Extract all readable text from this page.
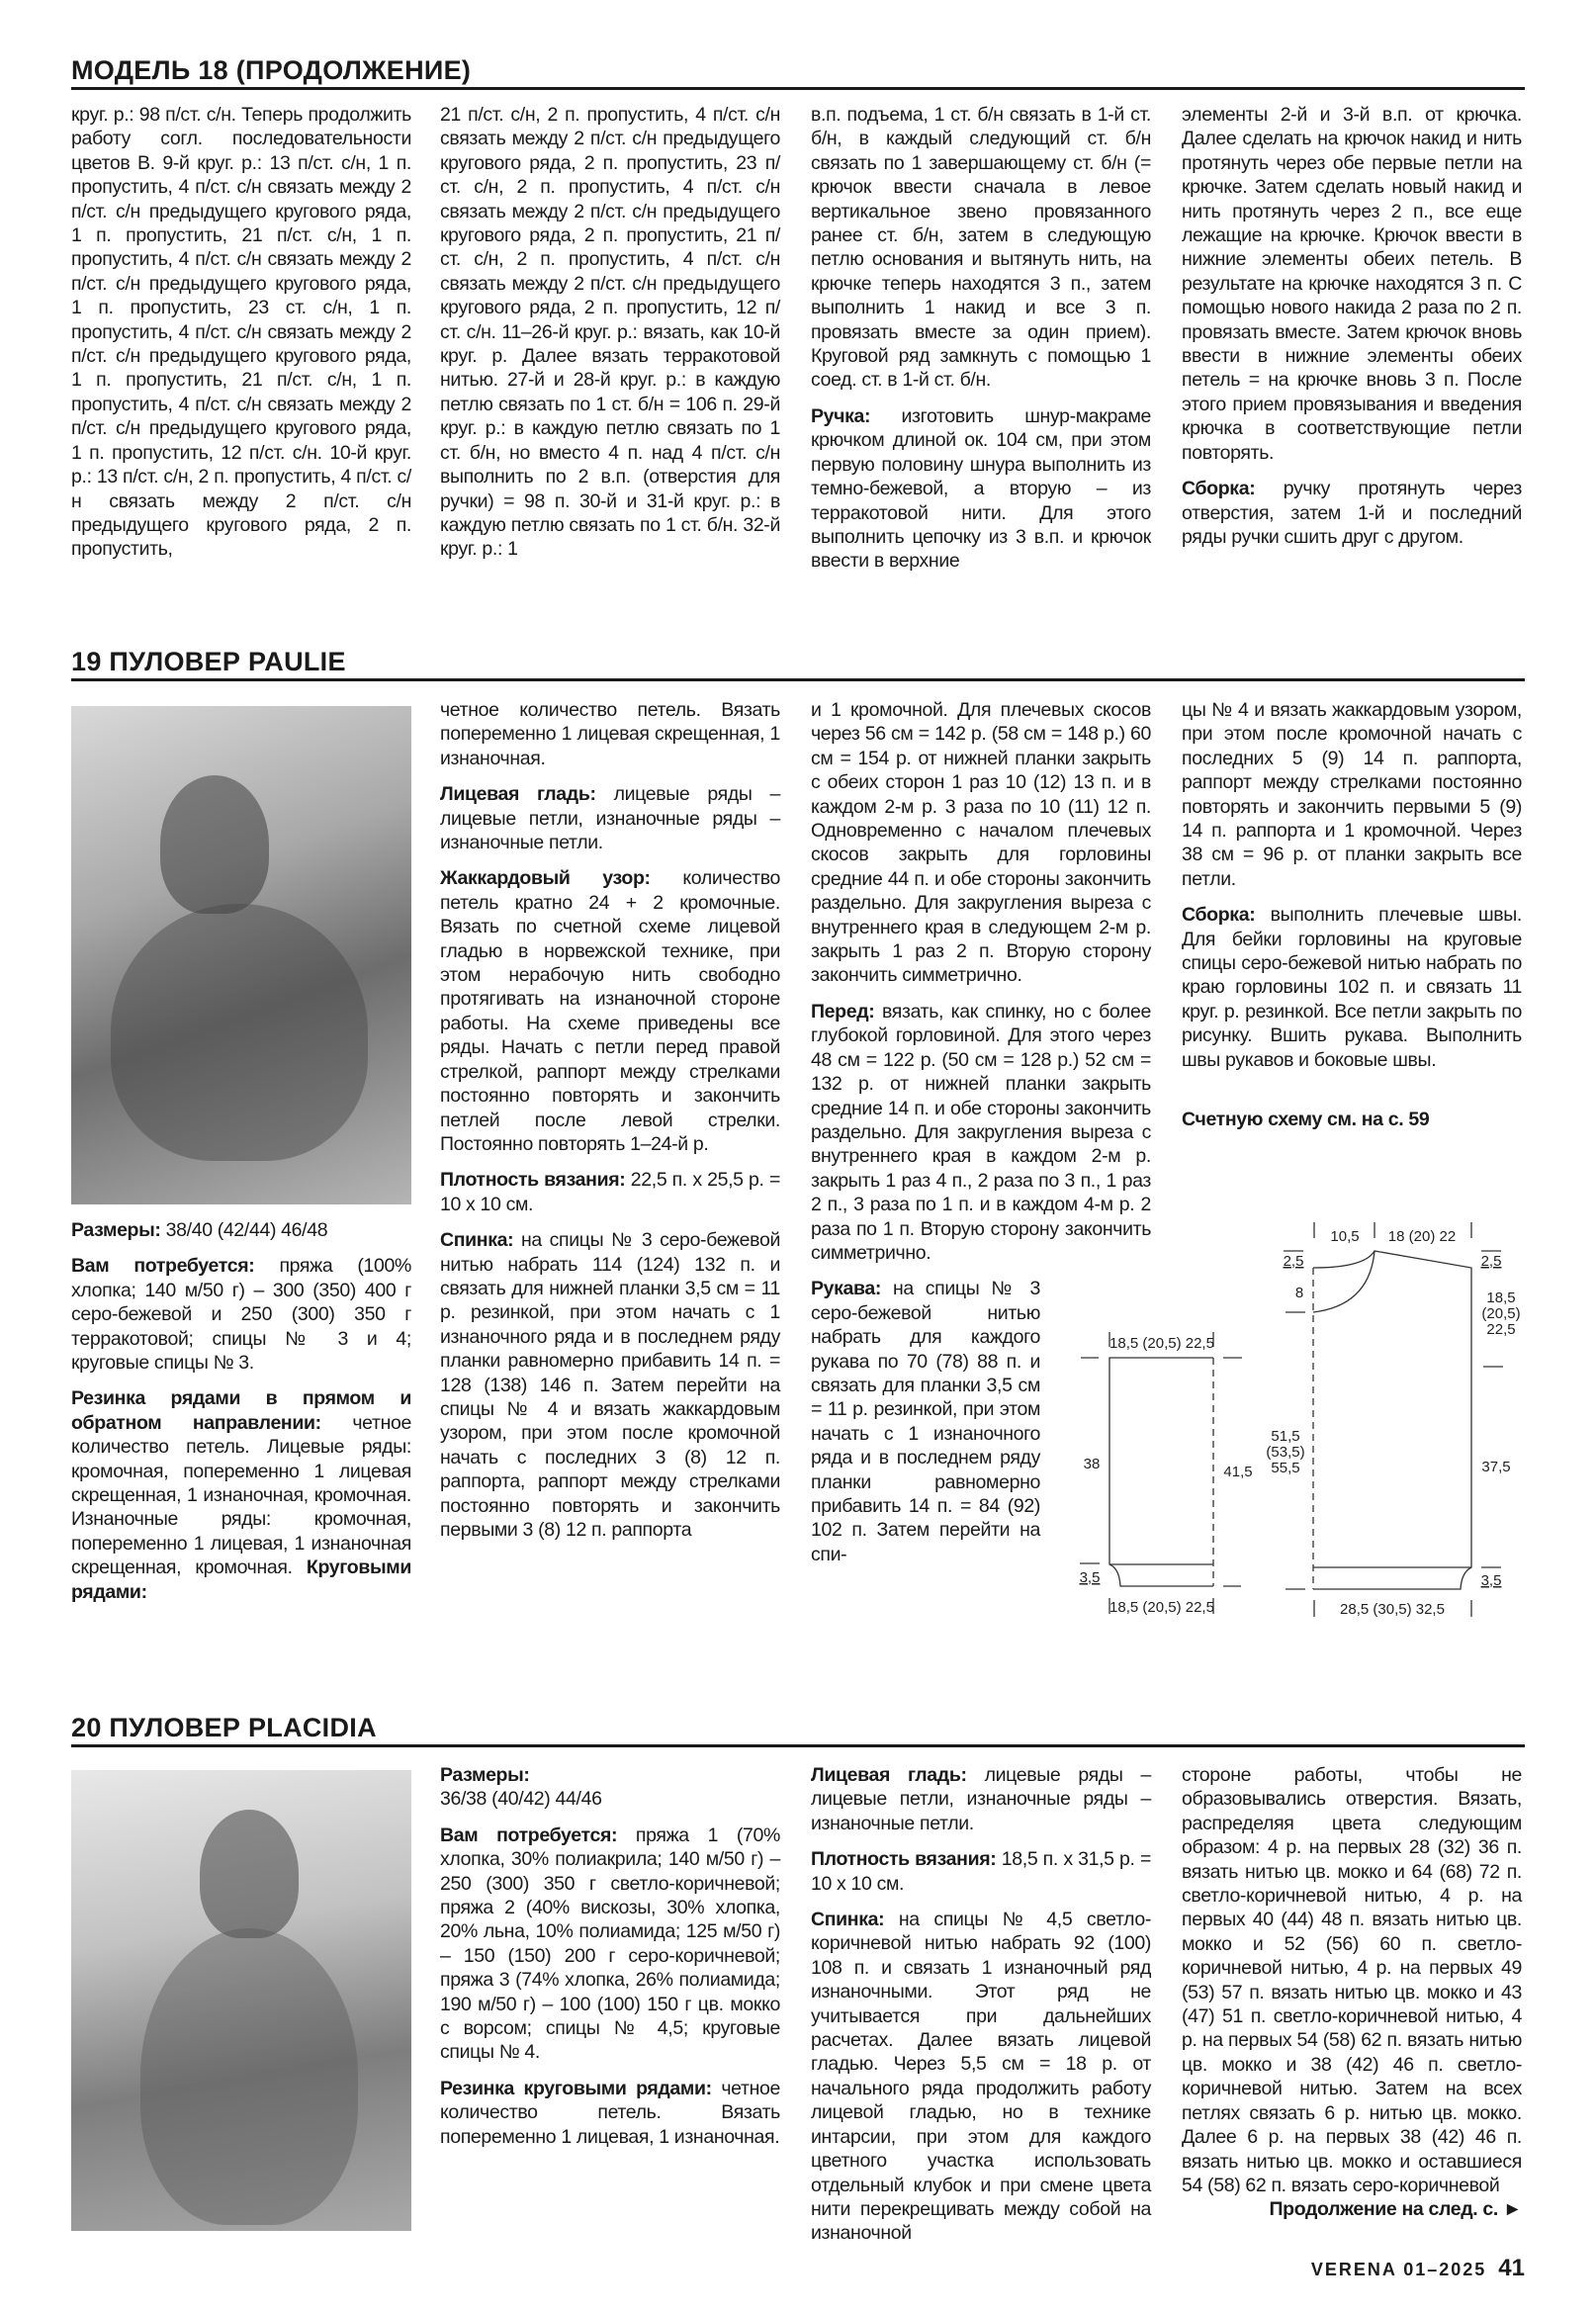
МОДЕЛЬ 18 (ПРОДОЛЖЕНИЕ)

круг. р.: 98 п/ст. с/н. Теперь продолжить работу согл. последовательности цветов В. 9-й круг. р.: 13 п/ст. с/н, 1 п. пропустить, 4 п/ст. с/н связать между 2 п/ст. с/н предыдущего кругового ряда, 1 п. пропустить, 21 п/ст. с/н, 1 п. пропустить, 4 п/ст. с/н связать между 2 п/ст. с/н предыдущего кругового ряда, 1 п. пропустить, 23 ст. с/н, 1 п. пропустить, 4 п/ст. с/н связать между 2 п/ст. с/н предыдущего кругового ряда, 1 п. пропустить, 21 п/ст. с/н, 1 п. пропустить, 4 п/ст. с/н связать между 2 п/ст. с/н предыдущего кругового ряда, 1 п. пропустить, 12 п/ст. с/н. 10-й круг. р.: 13 п/ст. с/н, 2 п. пропустить, 4 п/ст. с/н связать между 2 п/ст. с/н предыдущего кругового ряда, 2 п. пропустить,

21 п/ст. с/н, 2 п. пропустить, 4 п/ст. с/н связать между 2 п/ст. с/н предыдущего кругового ряда, 2 п. пропустить, 23 п/ст. с/н, 2 п. пропустить, 4 п/ст. с/н связать между 2 п/ст. с/н предыдущего кругового ряда, 2 п. пропустить, 21 п/ст. с/н, 2 п. пропустить, 4 п/ст. с/н связать между 2 п/ст. с/н предыдущего кругового ряда, 2 п. пропустить, 12 п/ст. с/н. 11–26-й круг. р.: вязать, как 10-й круг. р. Далее вязать терракотовой нитью. 27-й и 28-й круг. р.: в каждую петлю связать по 1 ст. б/н = 106 п. 29-й круг. р.: в каждую петлю связать по 1 ст. б/н, но вместо 4 п. над 4 п/ст. с/н выполнить по 2 в.п. (отверстия для ручки) = 98 п. 30-й и 31-й круг. р.: в каждую петлю связать по 1 ст. б/н. 32-й круг. р.: 1

в.п. подъема, 1 ст. б/н связать в 1-й ст. б/н, в каждый следующий ст. б/н связать по 1 завершающему ст. б/н (= крючок ввести сначала в левое вертикальное звено провязанного ранее ст. б/н, затем в следующую петлю основания и вытянуть нить, на крючке теперь находятся 3 п., затем выполнить 1 накид и все 3 п. провязать вместе за один прием). Круговой ряд замкнуть с помощью 1 соед. ст. в 1-й ст. б/н.

Ручка: изготовить шнур-макраме крючком длиной ок. 104 см, при этом первую половину шнура выполнить из темно-бежевой, а вторую – из терракотовой нити. Для этого выполнить цепочку из 3 в.п. и крючок ввести в верхние

элементы 2-й и 3-й в.п. от крючка. Далее сделать на крючок накид и нить протянуть через обе первые петли на крючке. Затем сделать новый накид и нить протянуть через 2 п., все еще лежащие на крючке. Крючок ввести в нижние элементы обеих петель. В результате на крючке находятся 3 п. С помощью нового накида 2 раза по 2 п. провязать вместе. Затем крючок вновь ввести в нижние элементы обеих петель = на крючке вновь 3 п. После этого прием провязывания и введения крючка в соответствующие петли повторять.

Сборка: ручку протянуть через отверстия, затем 1-й и последний ряды ручки сшить друг с другом.

19 ПУЛОВЕР PAULIE

Размеры: 38/40 (42/44) 46/48

Вам потребуется: пряжа (100% хлопка; 140 м/50 г) – 300 (350) 400 г серо-бежевой и 250 (300) 350 г терракотовой; спицы № 3 и 4; круговые спицы № 3.

Резинка рядами в прямом и обратном направлении: четное количество петель. Лицевые ряды: кромочная, попеременно 1 лицевая скрещенная, 1 изнаночная, кромочная. Изнаночные ряды: кромочная, попеременно 1 лицевая, 1 изнаночная скрещенная, кромочная. Круговыми рядами:

четное количество петель. Вязать попеременно 1 лицевая скрещенная, 1 изнаночная.

Лицевая гладь: лицевые ряды – лицевые петли, изнаночные ряды – изнаночные петли.

Жаккардовый узор: количество петель кратно 24 + 2 кромочные. Вязать по счетной схеме лицевой гладью в норвежской технике, при этом нерабочую нить свободно протягивать на изнаночной стороне работы. На схеме приведены все ряды. Начать с петли перед правой стрелкой, раппорт между стрелками постоянно повторять и закончить петлей после левой стрелки. Постоянно повторять 1–24-й р.

Плотность вязания: 22,5 п. х 25,5 р. = 10 х 10 см.

Спинка: на спицы № 3 серо-бежевой нитью набрать 114 (124) 132 п. и связать для нижней планки 3,5 см = 11 р. резинкой, при этом начать с 1 изнаночного ряда и в последнем ряду планки равномерно прибавить 14 п. = 128 (138) 146 п. Затем перейти на спицы № 4 и вязать жаккардовым узором, при этом после кромочной начать с последних 3 (8) 12 п. раппорта, раппорт между стрелками постоянно повторять и закончить первыми 3 (8) 12 п. раппорта

и 1 кромочной. Для плечевых скосов через 56 см = 142 р. (58 см = 148 р.) 60 см = 154 р. от нижней планки закрыть с обеих сторон 1 раз 10 (12) 13 п. и в каждом 2-м р. 3 раза по 10 (11) 12 п. Одновременно с началом плечевых скосов закрыть для горловины средние 44 п. и обе стороны закончить раздельно. Для закругления выреза с внутреннего края в следующем 2-м р. закрыть 1 раз 2 п. Вторую сторону закончить симметрично.

Перед: вязать, как спинку, но с более глубокой горловиной. Для этого через 48 см = 122 р. (50 см = 128 р.) 52 см = 132 р. от нижней планки закрыть средние 14 п. и обе стороны закончить раздельно. Для закругления выреза с внутреннего края в каждом 2-м р. закрыть 1 раз 4 п., 2 раза по 3 п., 1 раз 2 п., 3 раза по 1 п. и в каждом 4-м р. 2 раза по 1 п. Вторую сторону закончить симметрично.

Рукава: на спицы № 3 серо-бежевой нитью набрать для каждого рукава по 70 (78) 88 п. и связать для планки 3,5 см = 11 р. резинкой, при этом начать с 1 изнаночного ряда и в последнем ряду планки равномерно прибавить 14 п. = 84 (92) 102 п. Затем перейти на спи-

цы № 4 и вязать жаккардовым узором, при этом после кромочной начать с последних 5 (9) 14 п. раппорта, раппорт между стрелками постоянно повторять и закончить первыми 5 (9) 14 п. раппорта и 1 кромочной. Через 38 см = 96 р. от планки закрыть все петли.

Сборка: выполнить плечевые швы. Для бейки горловины на круговые спицы серо-бежевой нитью набрать по краю горловины 102 п. и связать 11 круг. р. резинкой. Все петли закрыть по рисунку. Вшить рукава. Выполнить швы рукавов и боковые швы.

Счетную схему см. на с. 59

18,5 (20,5) 22,5
18,5 (20,5) 22,5
38	41,5
3,5
10,5 18 (20) 22
2,5	2,5
8	18,5
(20,5)
22,5
51,5
(53,5)
55,5	37,5
3,5
28,5 (30,5) 32,5
20 ПУЛОВЕР PLACIDIA

Размеры:
36/38 (40/42) 44/46

Вам потребуется: пряжа 1 (70% хлопка, 30% полиакрила; 140 м/50 г) – 250 (300) 350 г светло-коричневой; пряжа 2 (40% вискозы, 30% хлопка, 20% льна, 10% полиамида; 125 м/50 г) – 150 (150) 200 г серо-коричневой; пряжа 3 (74% хлопка, 26% полиамида; 190 м/50 г) – 100 (100) 150 г цв. мокко с ворсом; спицы № 4,5; круговые спицы № 4.

Резинка круговыми рядами: четное количество петель. Вязать попеременно 1 лицевая, 1 изнаночная.

Лицевая гладь: лицевые ряды – лицевые петли, изнаночные ряды – изнаночные петли.

Плотность вязания: 18,5 п. х 31,5 р. = 10 х 10 см.

Спинка: на спицы № 4,5 светло-коричневой нитью набрать 92 (100) 108 п. и связать 1 изнаночный ряд изнаночными. Этот ряд не учитывается при дальнейших расчетах. Далее вязать лицевой гладью. Через 5,5 см = 18 р. от начального ряда продолжить работу лицевой гладью, но в технике интарсии, при этом для каждого цветного участка использовать отдельный клубок и при смене цвета нити перекрещивать между собой на изнаночной

стороне работы, чтобы не образовывались отверстия. Вязать, распределяя цвета следующим образом: 4 р. на первых 28 (32) 36 п. вязать нитью цв. мокко и 64 (68) 72 п. светло-коричневой нитью, 4 р. на первых 40 (44) 48 п. вязать нитью цв. мокко и 52 (56) 60 п. светло-коричневой нитью, 4 р. на первых 49 (53) 57 п. вязать нитью цв. мокко и 43 (47) 51 п. светло-коричневой нитью, 4 р. на первых 54 (58) 62 п. вязать нитью цв. мокко и 38 (42) 46 п. светло-коричневой нитью. Затем на всех петлях связать 6 р. нитью цв. мокко. Далее 6 р. на первых 38 (42) 46 п. вязать нитью цв. мокко и оставшиеся 54 (58) 62 п. вязать серо-коричневой

Продолжение на след. с. ►
VERENA 01–2025 41
